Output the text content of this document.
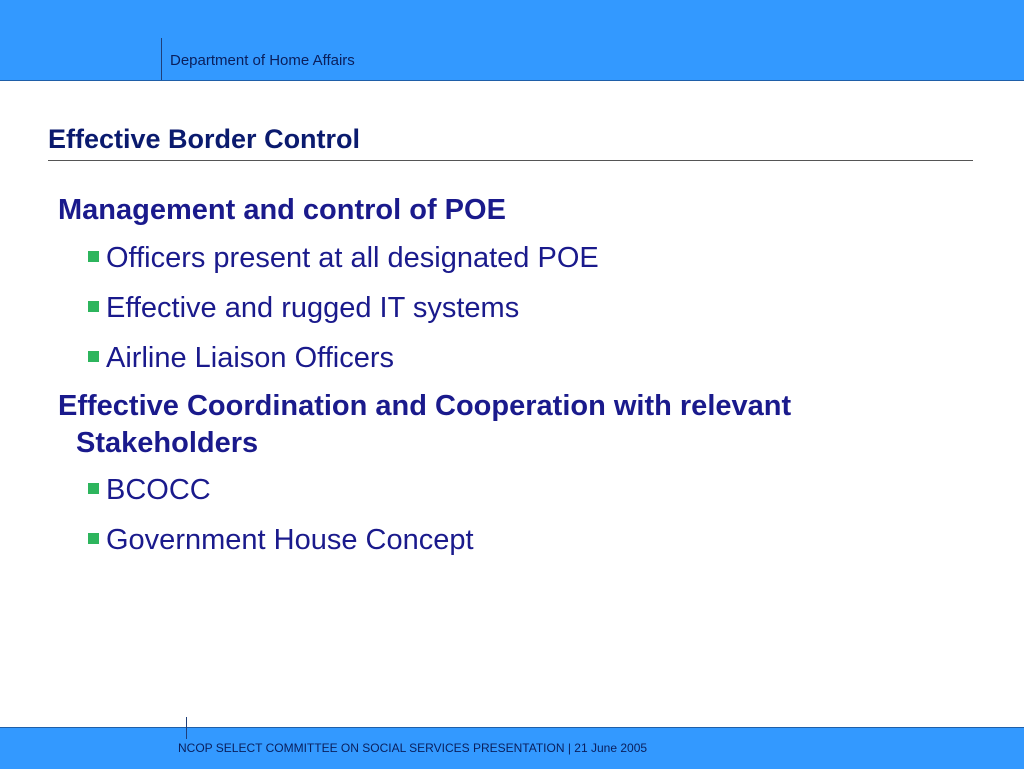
Department of Home Affairs
Effective Border Control
Management and control of POE
Officers present at all designated POE
Effective and rugged IT systems
Airline Liaison Officers
Effective Coordination and Cooperation with relevant Stakeholders
BCOCC
Government House Concept
NCOP SELECT COMMITTEE ON SOCIAL SERVICES PRESENTATION | 21 June 2005
